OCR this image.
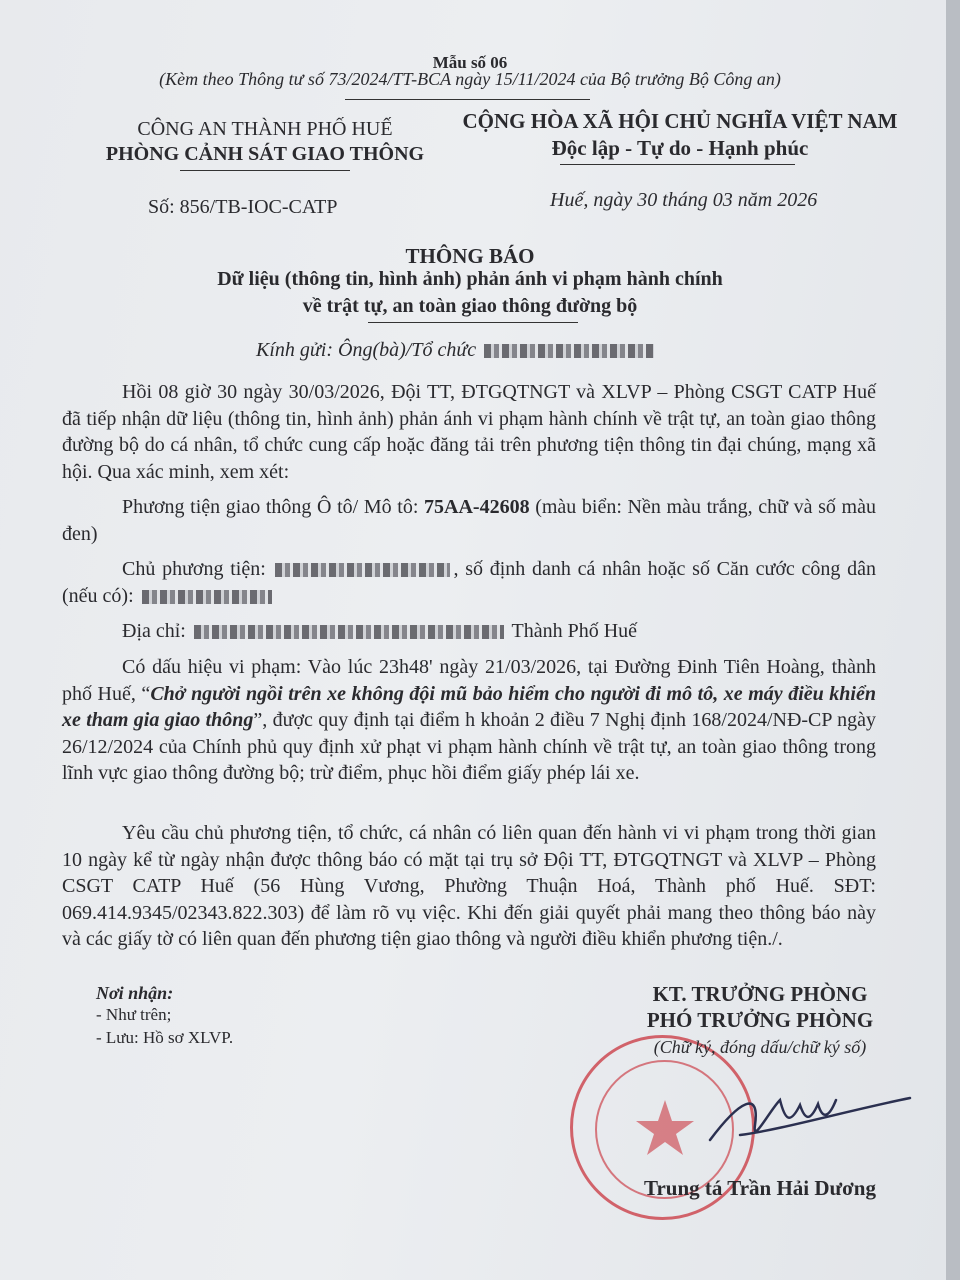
Mẫu số 06
(Kèm theo Thông tư số 73/2024/TT-BCA ngày 15/11/2024 của Bộ trưởng Bộ Công an)
CÔNG AN THÀNH PHỐ HUẾ
PHÒNG CẢNH SÁT GIAO THÔNG
CỘNG HÒA XÃ HỘI CHỦ NGHĨA VIỆT NAM
Độc lập - Tự do - Hạnh phúc
Số: 856/TB-IOC-CATP	Huế, ngày 30 tháng 03 năm 2026
THÔNG BÁO
Dữ liệu (thông tin, hình ảnh) phản ánh vi phạm hành chính
về trật tự, an toàn giao thông đường bộ
Kính gửi: Ông(bà)/Tổ chức

Hồi 08 giờ 30 ngày 30/03/2026, Đội TT, ĐTGQTNGT và XLVP – Phòng CSGT CATP Huế đã tiếp nhận dữ liệu (thông tin, hình ảnh) phản ánh vi phạm hành chính về trật tự, an toàn giao thông đường bộ do cá nhân, tổ chức cung cấp hoặc đăng tải trên phương tiện thông tin đại chúng, mạng xã hội. Qua xác minh, xem xét:

Phương tiện giao thông Ô tô/ Mô tô: 75AA-42608 (màu biển: Nền màu trắng, chữ và số màu đen)

Chủ phương tiện:	, số định danh cá nhân hoặc số Căn cước công dân (nếu có):

Địa chỉ:	Thành Phố Huế

Có dấu hiệu vi phạm: Vào lúc 23h48' ngày 21/03/2026, tại Đường Đinh Tiên Hoàng, thành phố Huế, “Chở người ngồi trên xe không đội mũ bảo hiểm cho người đi mô tô, xe máy điều khiển xe tham gia giao thông”, được quy định tại điểm h khoản 2 điều 7 Nghị định 168/2024/NĐ-CP ngày 26/12/2024 của Chính phủ quy định xử phạt vi phạm hành chính về trật tự, an toàn giao thông trong lĩnh vực giao thông đường bộ; trừ điểm, phục hồi điểm giấy phép lái xe.

Yêu cầu chủ phương tiện, tổ chức, cá nhân có liên quan đến hành vi vi phạm trong thời gian 10 ngày kể từ ngày nhận được thông báo có mặt tại trụ sở Đội TT, ĐTGQTNGT và XLVP – Phòng CSGT CATP Huế (56 Hùng Vương, Phường Thuận Hoá, Thành phố Huế. SĐT: 069.414.9345/02343.822.303) để làm rõ vụ việc. Khi đến giải quyết phải mang theo thông báo này và các giấy tờ có liên quan đến phương tiện giao thông và người điều khiển phương tiện./.

Nơi nhận:
- Như trên;
- Lưu: Hồ sơ XLVP.
KT. TRƯỞNG PHÒNG
PHÓ TRƯỞNG PHÒNG
(Chữ ký, đóng dấu/chữ ký số)
Trung tá Trần Hải Dương
